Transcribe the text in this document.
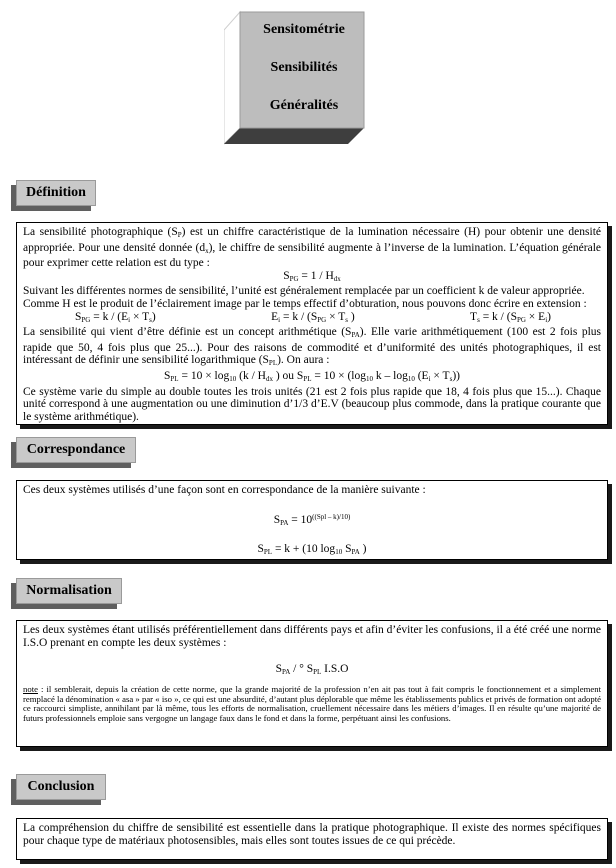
Sensitométrie
Sensibilités
Généralités
Définition

La sensibilité photographique $(S_P)$ est un chiffre caractéristique de la lumination nécessaire (H) pour obtenir une densité appropriée. Pour une densité donnée $(d_x)$, le chiffre de sensibilité augmente à l’inverse de la lumination. L’équation générale pour exprimer cette relation est du type :

$S_{PG} = 1 / H_{dx}$

Suivant les différentes normes de sensibilité, l’unité est généralement remplacée par un coefficient k de valeur appropriée.

Comme H est le produit de l’éclairement image par le temps effectif d’obturation, nous pouvons donc écrire en extension :

$S_{PG} = k / (E_i \times T_s)$	$E_i = k / (S_{PG} \times T_s$ )	$T_s = k / (S_{PG} \times E_i)$

La sensibilité qui vient d’être définie est un concept arithmétique $(S_{PA})$. Elle varie arithmétiquement (100 est 2 fois plus rapide que 50, 4 fois plus que 25...). Pour des raisons de commodité et d’uniformité des unités photographiques, il est intéressant de définir une sensibilité logarithmique $(S_{PL})$. On aura :

$S_{PL} = 10 \times \log_{10} (k / H_{dx}$ ) ou $S_{PL} = 10 \times (\log_{10}$ $k - \log_{10} (E_i \times T_s)$)

Ce système varie du simple au double toutes les trois unités (21 est 2 fois plus rapide que 18, 4 fois plus que 15...). Chaque unité correspond à une augmentation ou une diminution d’1/3 d’E.V (beaucoup plus commode, dans la pratique courante que le système arithmétique).

Correspondance

Ces deux systèmes utilisés d’une façon sont en correspondance de la manière suivante :

$S_{PA} = 10^{((Spl - k)/10)}$

$S_{PL} = k + (10$ $\log_{10} S_{PA}$ )

Normalisation

Les deux systèmes étant utilisés préférentiellement dans différents pays et afin d’éviter les confusions, il a été créé une norme I.S.O prenant en compte les deux systèmes :

$S_{PA}$ / ° $S_{PL}$ I.S.O

note : il semblerait, depuis la création de cette norme, que la grande majorité de la profession n’en ait pas tout à fait compris le fonctionnement et a simplement remplacé la dénomination « asa » par « iso », ce qui est une absurdité, d’autant plus déplorable que même les établissements publics et privés de formation ont adopté ce raccourci simpliste, annihilant par là même, tous les efforts de normalisation, cruellement nécessaire dans les métiers d’images. Il en résulte qu’une majorité de futurs professionnels emploie sans vergogne un langage faux dans le fond et dans la forme, perpétuant ainsi les confusions.

Conclusion

La compréhension du chiffre de sensibilité est essentielle dans la pratique photographique. Il existe des normes spécifiques pour chaque type de matériaux photosensibles, mais elles sont toutes issues de ce qui précède.
